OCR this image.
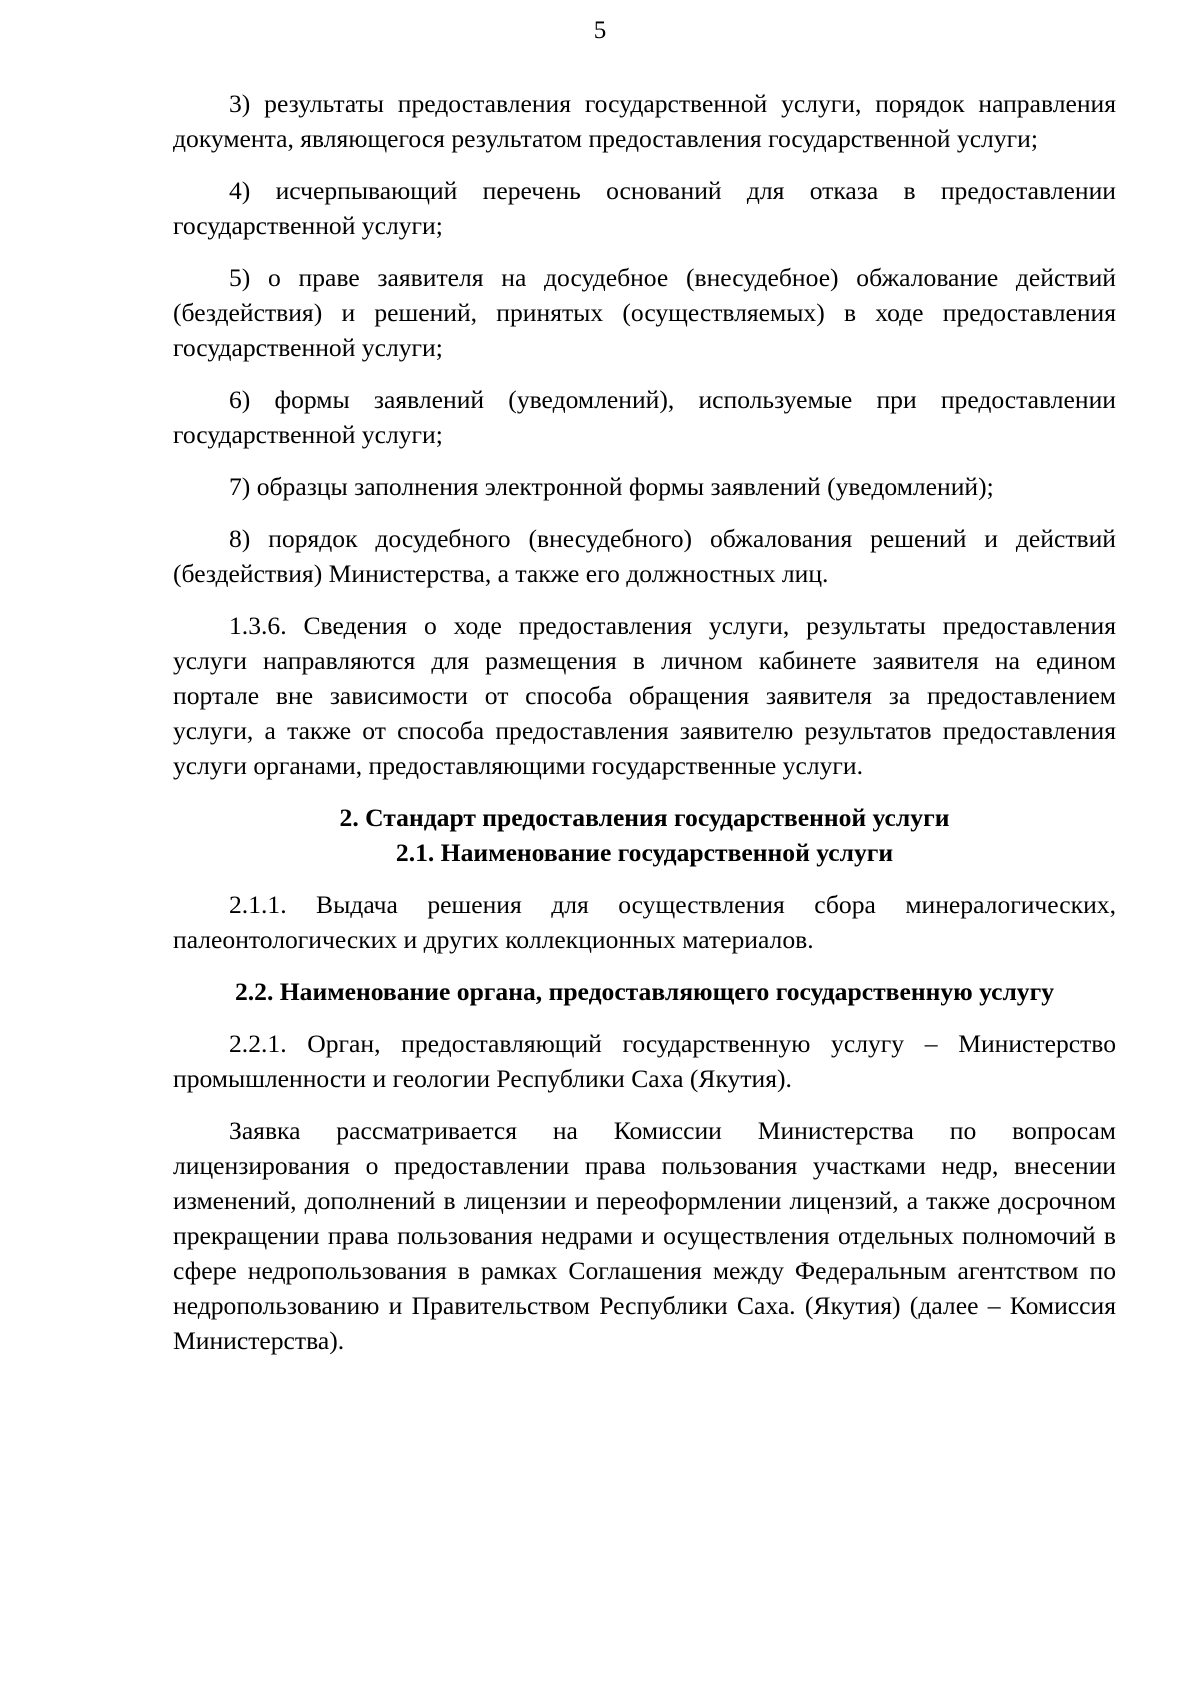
5

3) результаты предоставления государственной услуги, порядок направления документа, являющегося результатом предоставления государственной услуги;

4) исчерпывающий перечень оснований для отказа в предоставлении государственной услуги;

5) о праве заявителя на досудебное (внесудебное) обжалование действий (бездействия) и решений, принятых (осуществляемых) в ходе предоставления государственной услуги;

6) формы заявлений (уведомлений), используемые при предоставлении государственной услуги;

7) образцы заполнения электронной формы заявлений (уведомлений);

8) порядок досудебного (внесудебного) обжалования решений и действий (бездействия) Министерства, а также его должностных лиц.

1.3.6. Сведения о ходе предоставления услуги, результаты предоставления услуги направляются для размещения в личном кабинете заявителя на едином портале вне зависимости от способа обращения заявителя за предоставлением услуги, а также от способа предоставления заявителю результатов предоставления услуги органами, предоставляющими государственные услуги.

2. Стандарт предоставления государственной услуги
2.1. Наименование государственной услуги

2.1.1. Выдача решения для осуществления сбора минералогических, палеонтологических и других коллекционных материалов.

2.2. Наименование органа, предоставляющего государственную услугу

2.2.1. Орган, предоставляющий государственную услугу – Министерство промышленности и геологии Республики Саха (Якутия).

Заявка рассматривается на Комиссии Министерства по вопросам лицензирования о предоставлении права пользования участками недр, внесении изменений, дополнений в лицензии и переоформлении лицензий, а также досрочном прекращении права пользования недрами и осуществления отдельных полномочий в сфере недропользования в рамках Соглашения между Федеральным агентством по недропользованию и Правительством Республики Саха. (Якутия) (далее – Комиссия Министерства).
